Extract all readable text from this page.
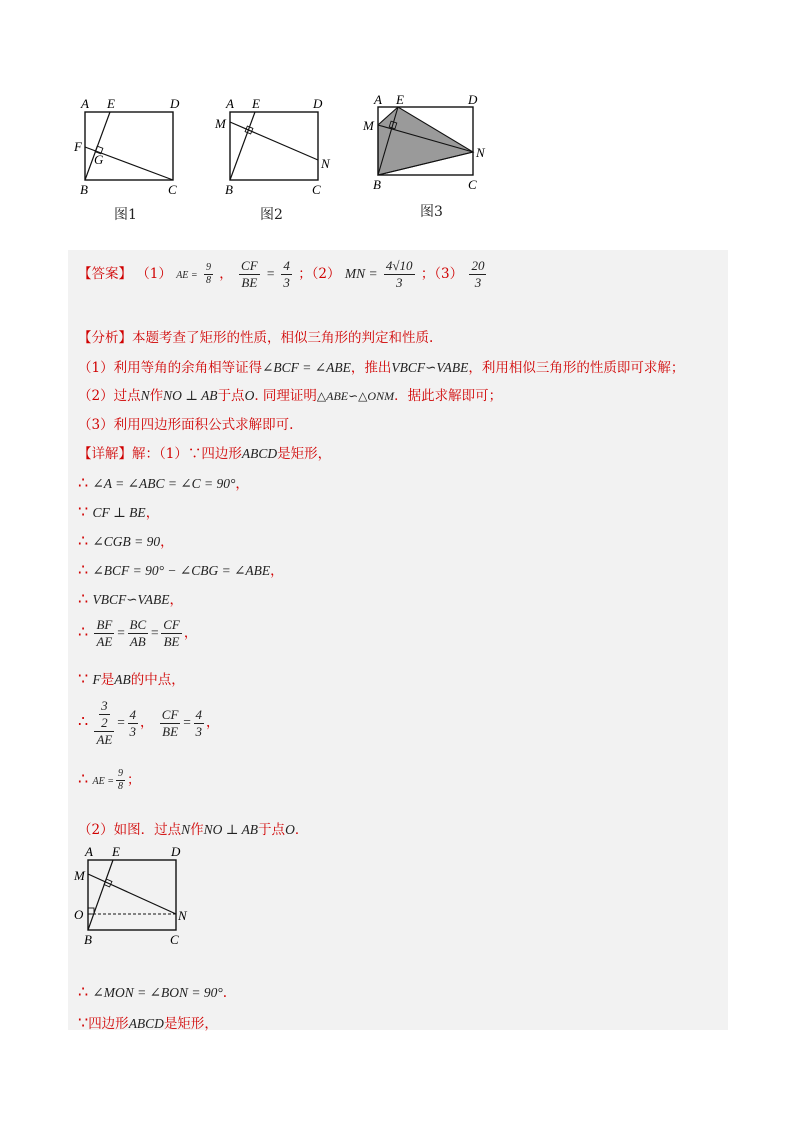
A E	D
F
G
B	C
A E	D
M
N
B	C
A E	D
M
N
B	C
图1	图2	图3
【答案】 （1） AE = $\frac{9}{8}$ ， $\frac{CF}{BE} = \frac{4}{3}$ ；（2） MN = $\frac{4√10}{3}$ ；$(3) \frac{20}{3}$
【分析】本题考查了矩形的性质，相似三角形的判定和性质.
（1）利用等角的余角相等证得∠BCF = ∠ABE，推出VBCF∽VABE，利用相似三角形的性质即可求解；
（2）过点N作NO ⊥ AB于点O. 同理证明△ABE∽△ONM．据此求解即可；
（3）利用四边形面积公式求解即可.
【详解】解：（1）∵四边形ABCD是矩形，
∴ ∠A = ∠ABC = ∠C = 90°，
∵ CF ⊥ BE，
∴ ∠CGB = 90，
∴ ∠BCF = 90° − ∠CBG = ∠ABE，
∴ VBCF∽VABE，
∴ $\frac{BF}{AE} = \frac{BC}{AB} = \frac{CF}{BE}$ ，
∵ F是AB的中点，
∴ $\frac{\frac{3}{2}}{AE} = \frac{4}{3}$ ， $\frac{CF}{BE} = \frac{4}{3}$ ，
∴ AE = $\frac{9}{8}$ ；
（2）如图．过点N作NO ⊥ AB于点O．
A E	D
M
O	N
B	C
∴ ∠MON = ∠BON = 90°.
∵四边形ABCD是矩形，
